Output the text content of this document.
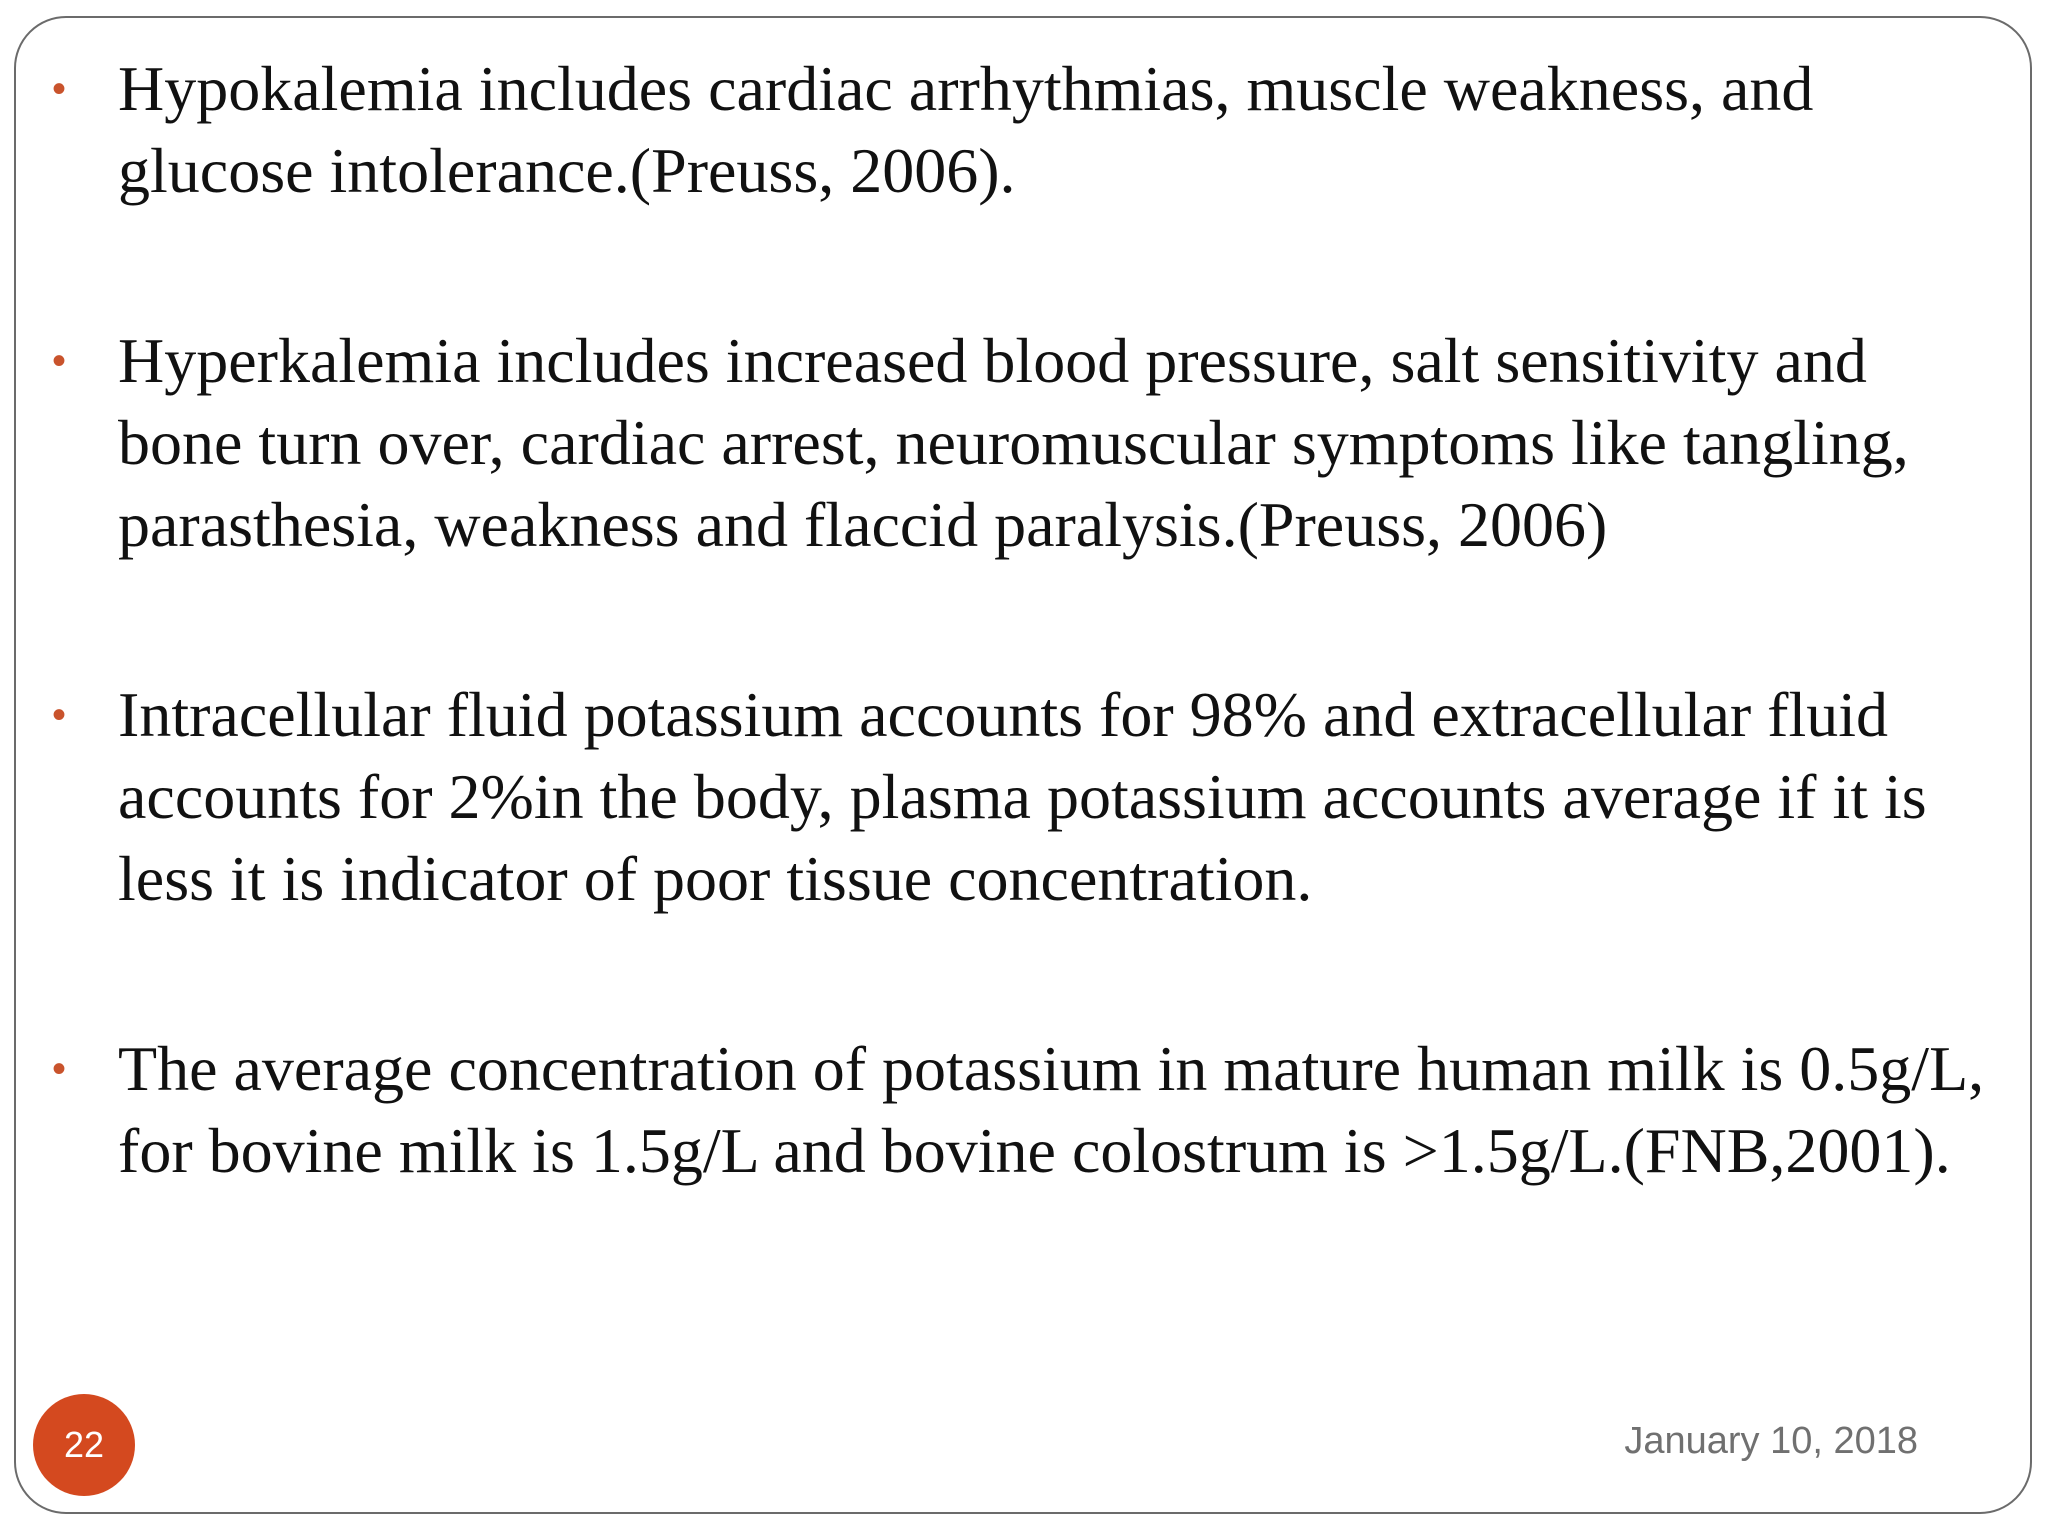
• Hypokalemia includes cardiac arrhythmias, muscle weakness, and glucose intolerance.(Preuss, 2006).
• Hyperkalemia includes increased blood pressure, salt sensitivity and bone turn over, cardiac arrest, neuromuscular symptoms like tangling, parasthesia, weakness and flaccid paralysis.(Preuss, 2006)
• Intracellular fluid potassium accounts for 98% and extracellular fluid accounts for 2%in the body, plasma potassium accounts average if it is less it is indicator of poor tissue concentration.
• The average concentration of potassium in mature human milk is 0.5g/L, for bovine milk is 1.5g/L and bovine colostrum is >1.5g/L.(FNB,2001).
22	January 10, 2018
